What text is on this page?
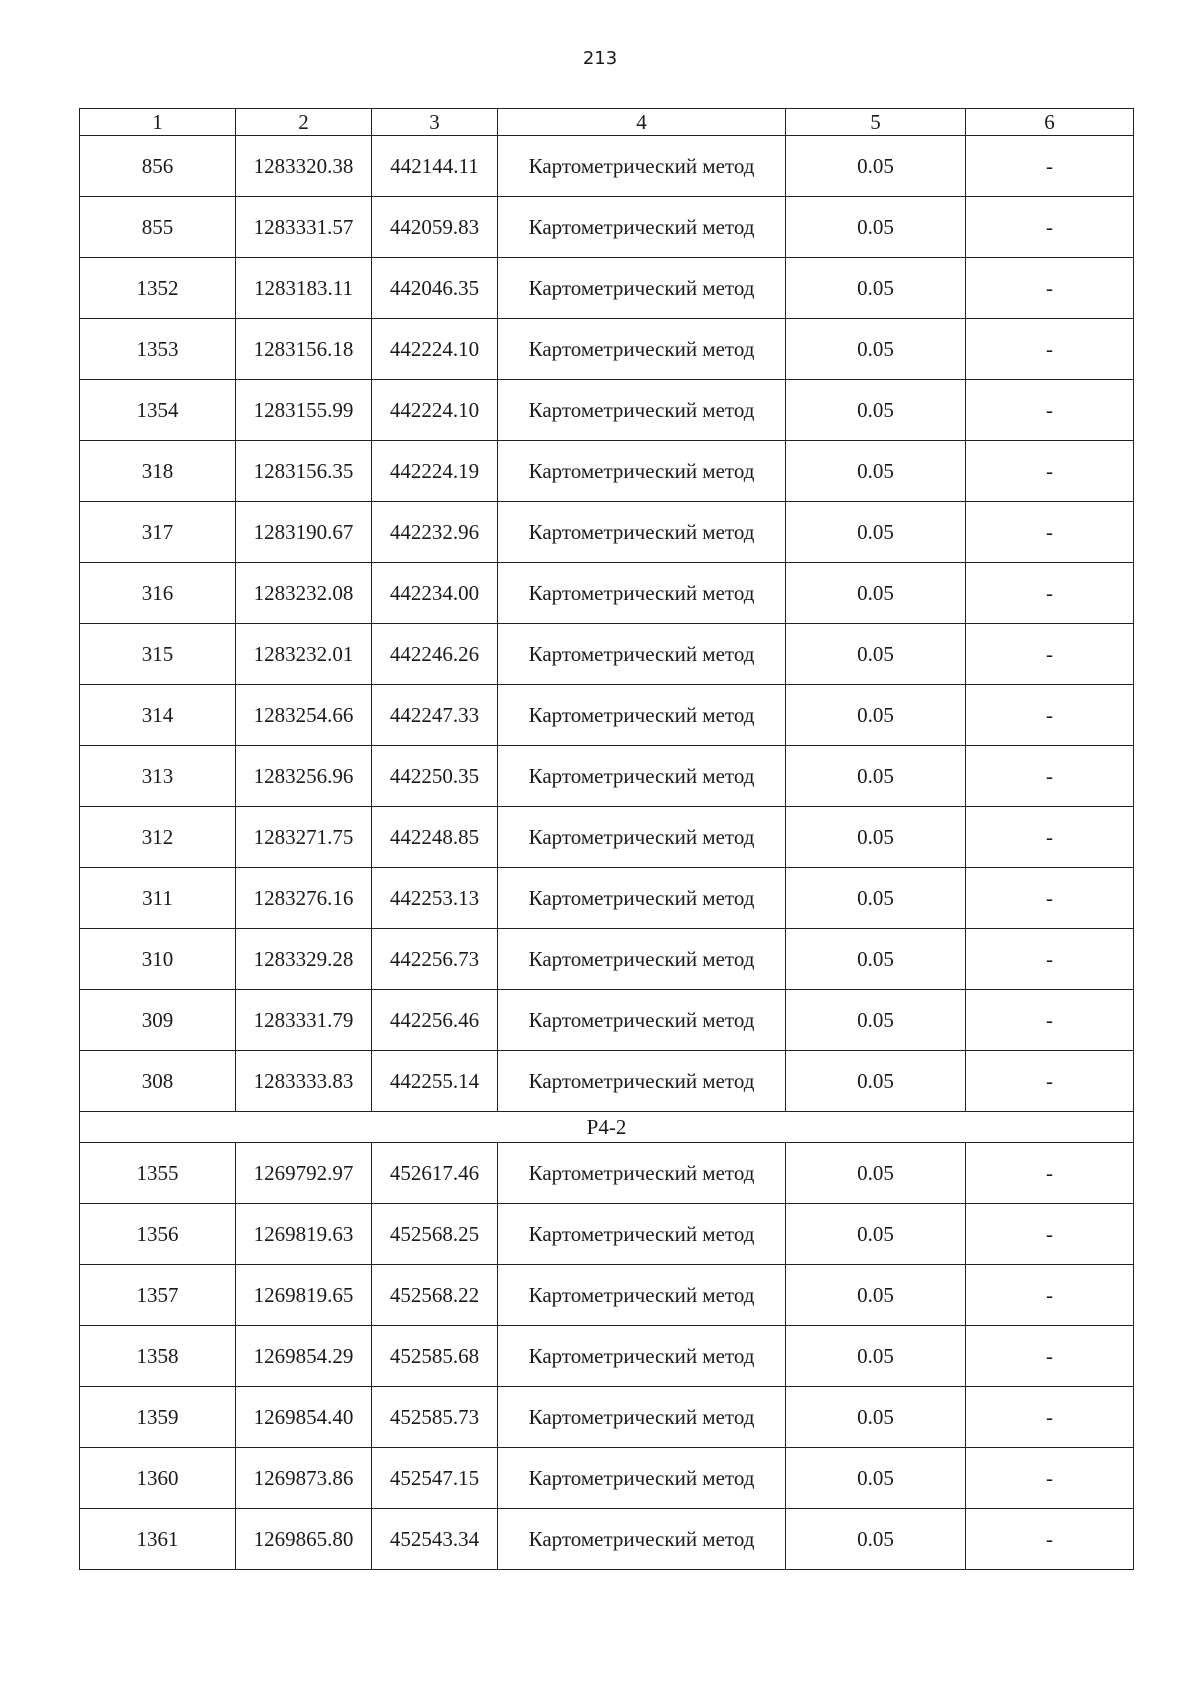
213
1	2	3	4	5	6
856	1283320.38	442144.11	Картометрический метод	0.05	-
855	1283331.57	442059.83	Картометрический метод	0.05	-
1352	1283183.11	442046.35	Картометрический метод	0.05	-
1353	1283156.18	442224.10	Картометрический метод	0.05	-
1354	1283155.99	442224.10	Картометрический метод	0.05	-
318	1283156.35	442224.19	Картометрический метод	0.05	-
317	1283190.67	442232.96	Картометрический метод	0.05	-
316	1283232.08	442234.00	Картометрический метод	0.05	-
315	1283232.01	442246.26	Картометрический метод	0.05	-
314	1283254.66	442247.33	Картометрический метод	0.05	-
313	1283256.96	442250.35	Картометрический метод	0.05	-
312	1283271.75	442248.85	Картометрический метод	0.05	-
311	1283276.16	442253.13	Картометрический метод	0.05	-
310	1283329.28	442256.73	Картометрический метод	0.05	-
309	1283331.79	442256.46	Картометрический метод	0.05	-
308	1283333.83	442255.14	Картометрический метод	0.05	-
Р4-2					
1355	1269792.97	452617.46	Картометрический метод	0.05	-
1356	1269819.63	452568.25	Картометрический метод	0.05	-
1357	1269819.65	452568.22	Картометрический метод	0.05	-
1358	1269854.29	452585.68	Картометрический метод	0.05	-
1359	1269854.40	452585.73	Картометрический метод	0.05	-
1360	1269873.86	452547.15	Картометрический метод	0.05	-
1361	1269865.80	452543.34	Картометрический метод	0.05	-
